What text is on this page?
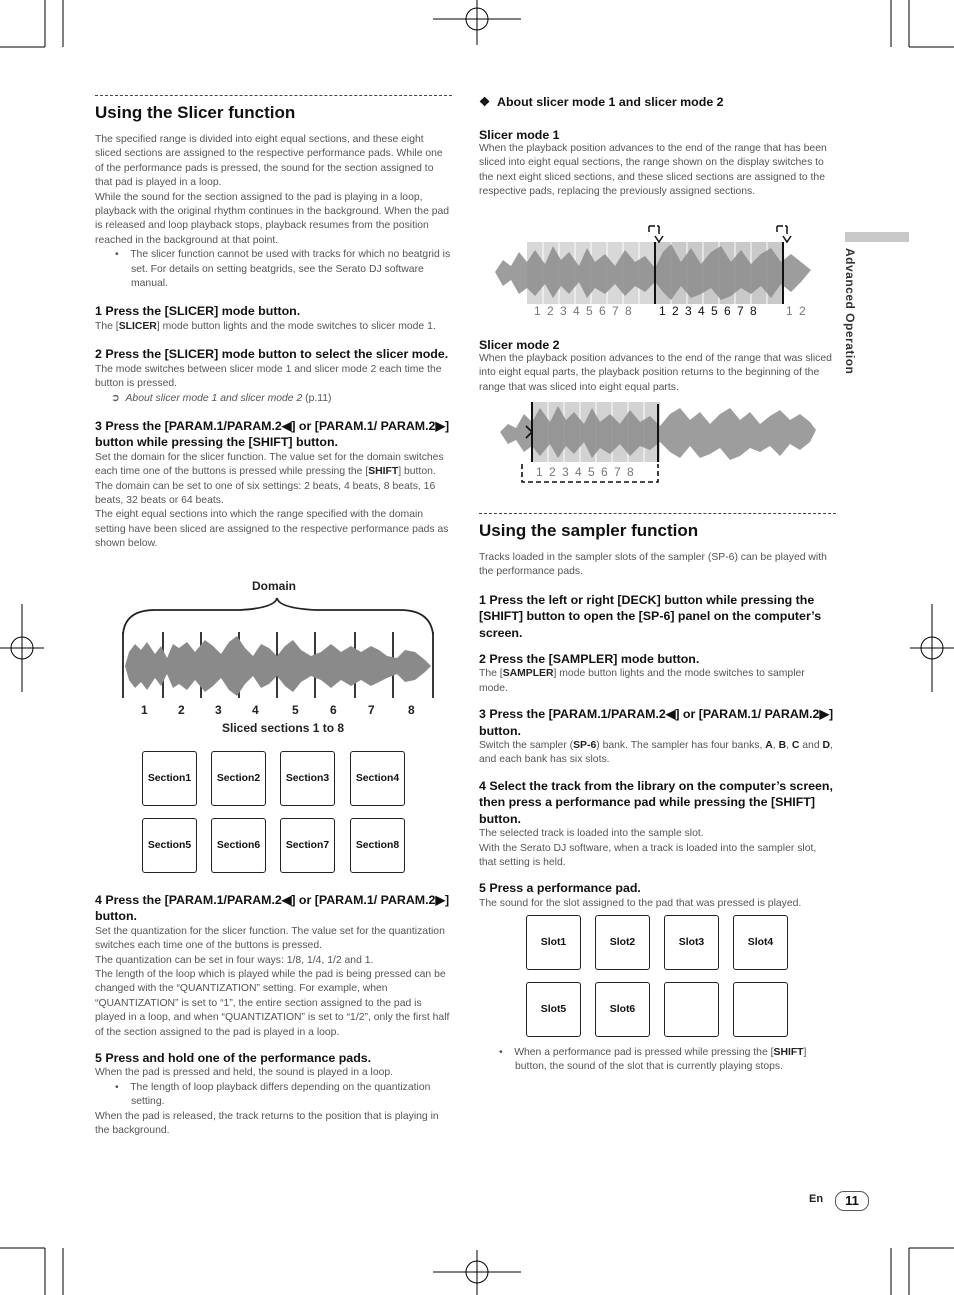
Advanced Operation
Using the Slicer function

The specified range is divided into eight equal sections, and these eight sliced sections are assigned to the respective performance pads. While one of the performance pads is pressed, the sound for the section assigned to that pad is played in a loop.

While the sound for the section assigned to the pad is playing in a loop, playback with the original rhythm continues in the background. When the pad is released and loop playback stops, playback resumes from the position reached in the background at that point.

•    The slicer function cannot be used with tracks for which no beatgrid is set. For details on setting beatgrids, see the Serato DJ software manual.

1 Press the [SLICER] mode button.

The [SLICER] mode button lights and the mode switches to slicer mode 1.

2 Press the [SLICER] mode button to select the slicer mode.

The mode switches between slicer mode 1 and slicer mode 2 each time the button is pressed.

➲ About slicer mode 1 and slicer mode 2 (p.11)

3 Press the [PARAM.1/PARAM.2◀] or [PARAM.1/ PARAM.2▶] button while pressing the [SHIFT] button.

Set the domain for the slicer function. The value set for the domain switches each time one of the buttons is pressed while pressing the [SHIFT] button.

The domain can be set to one of six settings: 2 beats, 4 beats, 8 beats, 16 beats, 32 beats or 64 beats.

The eight equal sections into which the range specified with the domain setting have been sliced are assigned to the respective performance pads as shown below.

Domain
1	2	3	4	5	6	7	8
Sliced sections 1 to 8
Section1	Section2	Section3	Section4
Section5	Section6	Section7	Section8

4 Press the [PARAM.1/PARAM.2◀] or [PARAM.1/ PARAM.2▶] button.

Set the quantization for the slicer function. The value set for the quantization switches each time one of the buttons is pressed.

The quantization can be set in four ways: 1/8, 1/4, 1/2 and 1.

The length of the loop which is played while the pad is being pressed can be changed with the “QUANTIZATION” setting. For example, when “QUANTIZATION” is set to “1”, the entire section assigned to the pad is played in a loop, and when “QUANTIZATION” is set to “1/2”, only the first half of the section assigned to the pad is played in a loop.

5 Press and hold one of the performance pads.

When the pad is pressed and held, the sound is played in a loop.

•    The length of loop playback differs depending on the quantization setting.

When the pad is released, the track returns to the position that is playing in the background.

❖ About slicer mode 1 and slicer mode 2

Slicer mode 1

When the playback position advances to the end of the range that has been sliced into eight equal sections, the range shown on the display switches to the next eight sliced sections, and these sliced sections are assigned to the respective pads, replacing the previously assigned sections.

1 2 3 4 5 6 7 8 1 2 3 4 5 6 7 8 1 2

Slicer mode 2

When the playback position advances to the end of the range that was sliced into eight equal parts, the playback position returns to the beginning of the range that was sliced into eight equal parts.

1 2 3 4 5 6 7 8
Using the sampler function

Tracks loaded in the sampler slots of the sampler (SP-6) can be played with the performance pads.

1 Press the left or right [DECK] button while pressing the [SHIFT] button to open the [SP-6] panel on the computer’s screen.

2 Press the [SAMPLER] mode button.

The [SAMPLER] mode button lights and the mode switches to sampler mode.

3 Press the [PARAM.1/PARAM.2◀] or [PARAM.1/ PARAM.2▶] button.

Switch the sampler (SP-6) bank. The sampler has four banks, A, B, C and D, and each bank has six slots.

4 Select the track from the library on the computer’s screen, then press a performance pad while pressing the [SHIFT] button.

The selected track is loaded into the sample slot.

With the Serato DJ software, when a track is loaded into the sampler slot, that setting is held.

5 Press a performance pad.

The sound for the slot assigned to the pad that was pressed is played.

Slot1	Slot2	Slot3	Slot4
Slot5	Slot6

•    When a performance pad is pressed while pressing the [SHIFT] button, the sound of the slot that is currently playing stops.

En	11
